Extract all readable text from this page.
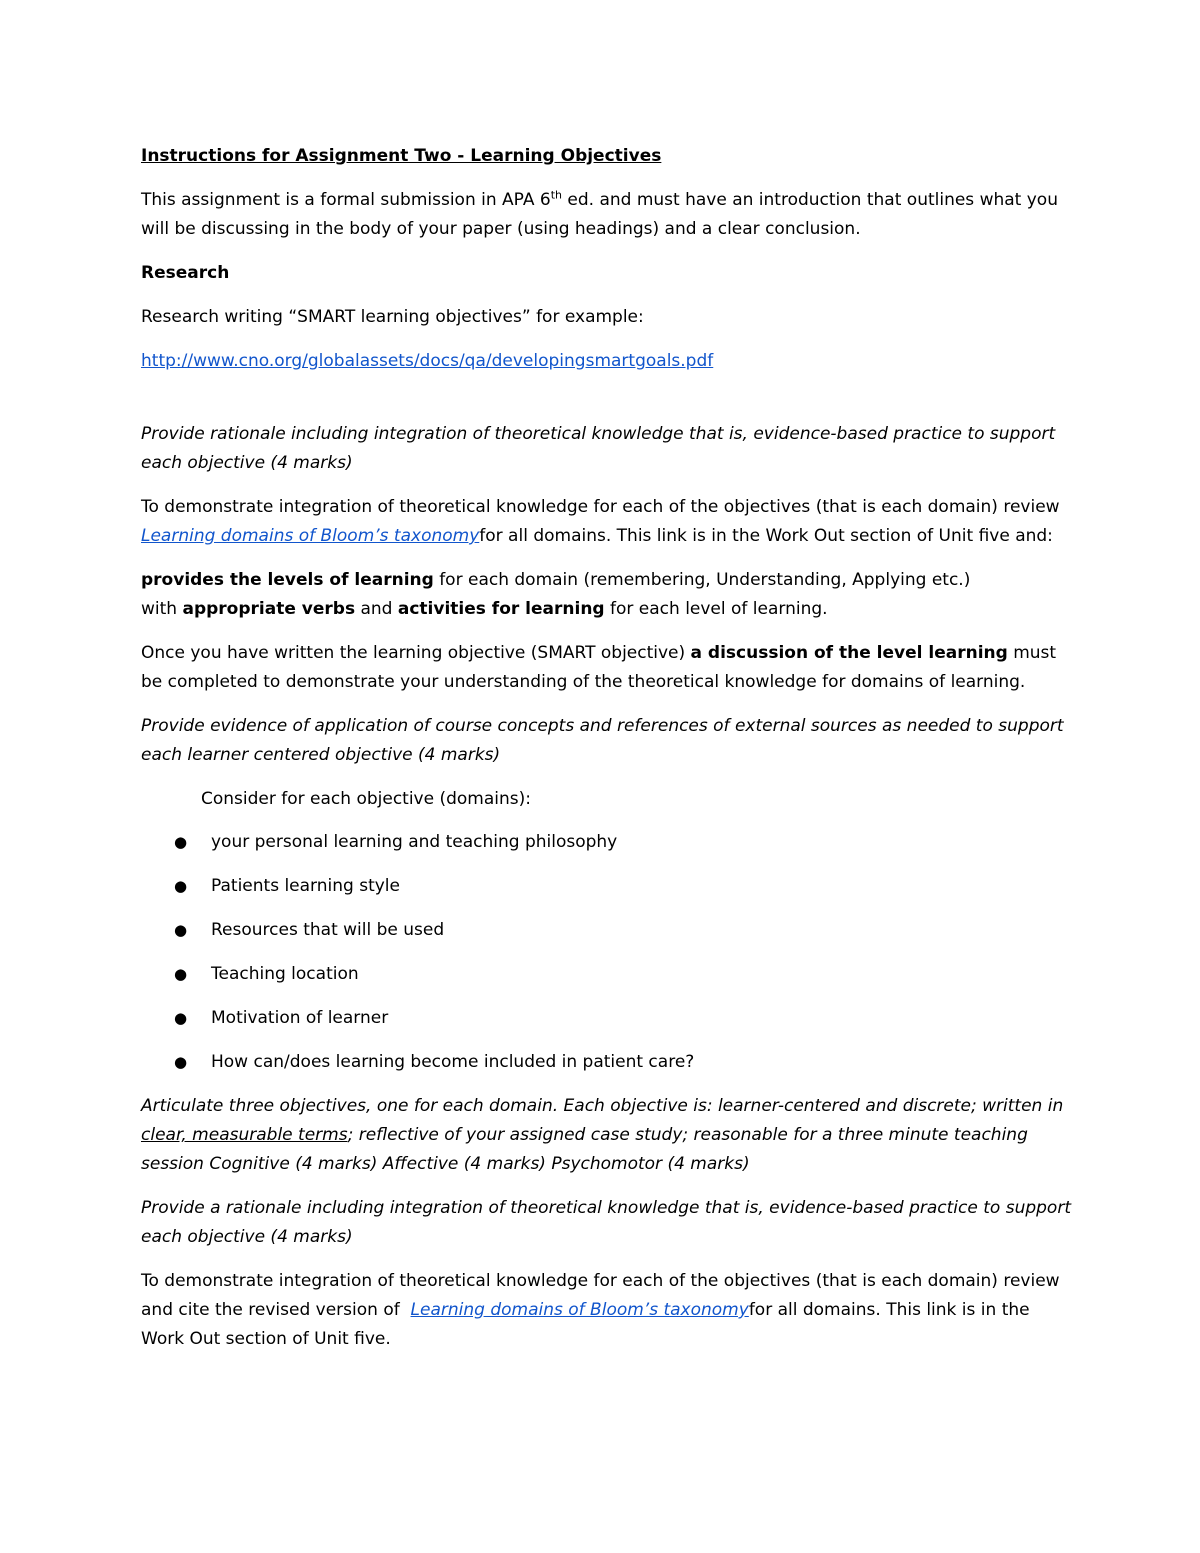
Instructions for Assignment Two - Learning Objectives

This assignment is a formal submission in APA 6th ed. and must have an introduction that outlines what you will be discussing in the body of your paper (using headings) and a clear conclusion.

Research

Research writing “SMART learning objectives” for example:

http://www.cno.org/globalassets/docs/qa/developingsmartgoals.pdf

Provide rationale including integration of theoretical knowledge that is, evidence-based practice to support each objective (4 marks)

To demonstrate integration of theoretical knowledge for each of the objectives (that is each domain) review Learning domains of Bloom’s taxonomyfor all domains. This link is in the Work Out section of Unit five and:

provides the levels of learning for each domain (remembering, Understanding, Applying etc.)
with appropriate verbs and activities for learning for each level of learning.

Once you have written the learning objective (SMART objective) a discussion of the level learning must be completed to demonstrate your understanding of the theoretical knowledge for domains of learning.

Provide evidence of application of course concepts and references of external sources as needed to support each learner centered objective (4 marks)

Consider for each objective (domains):

● your personal learning and teaching philosophy
● Patients learning style
● Resources that will be used
● Teaching location
● Motivation of learner
● How can/does learning become included in patient care?

Articulate three objectives, one for each domain. Each objective is: learner-centered and discrete; written in clear, measurable terms; reflective of your assigned case study; reasonable for a three minute teaching session Cognitive (4 marks) Affective (4 marks) Psychomotor (4 marks)

Provide a rationale including integration of theoretical knowledge that is, evidence-based practice to support each objective (4 marks)

To demonstrate integration of theoretical knowledge for each of the objectives (that is each domain) review and cite the revised version of  Learning domains of Bloom’s taxonomyfor all domains. This link is in the Work Out section of Unit five.
